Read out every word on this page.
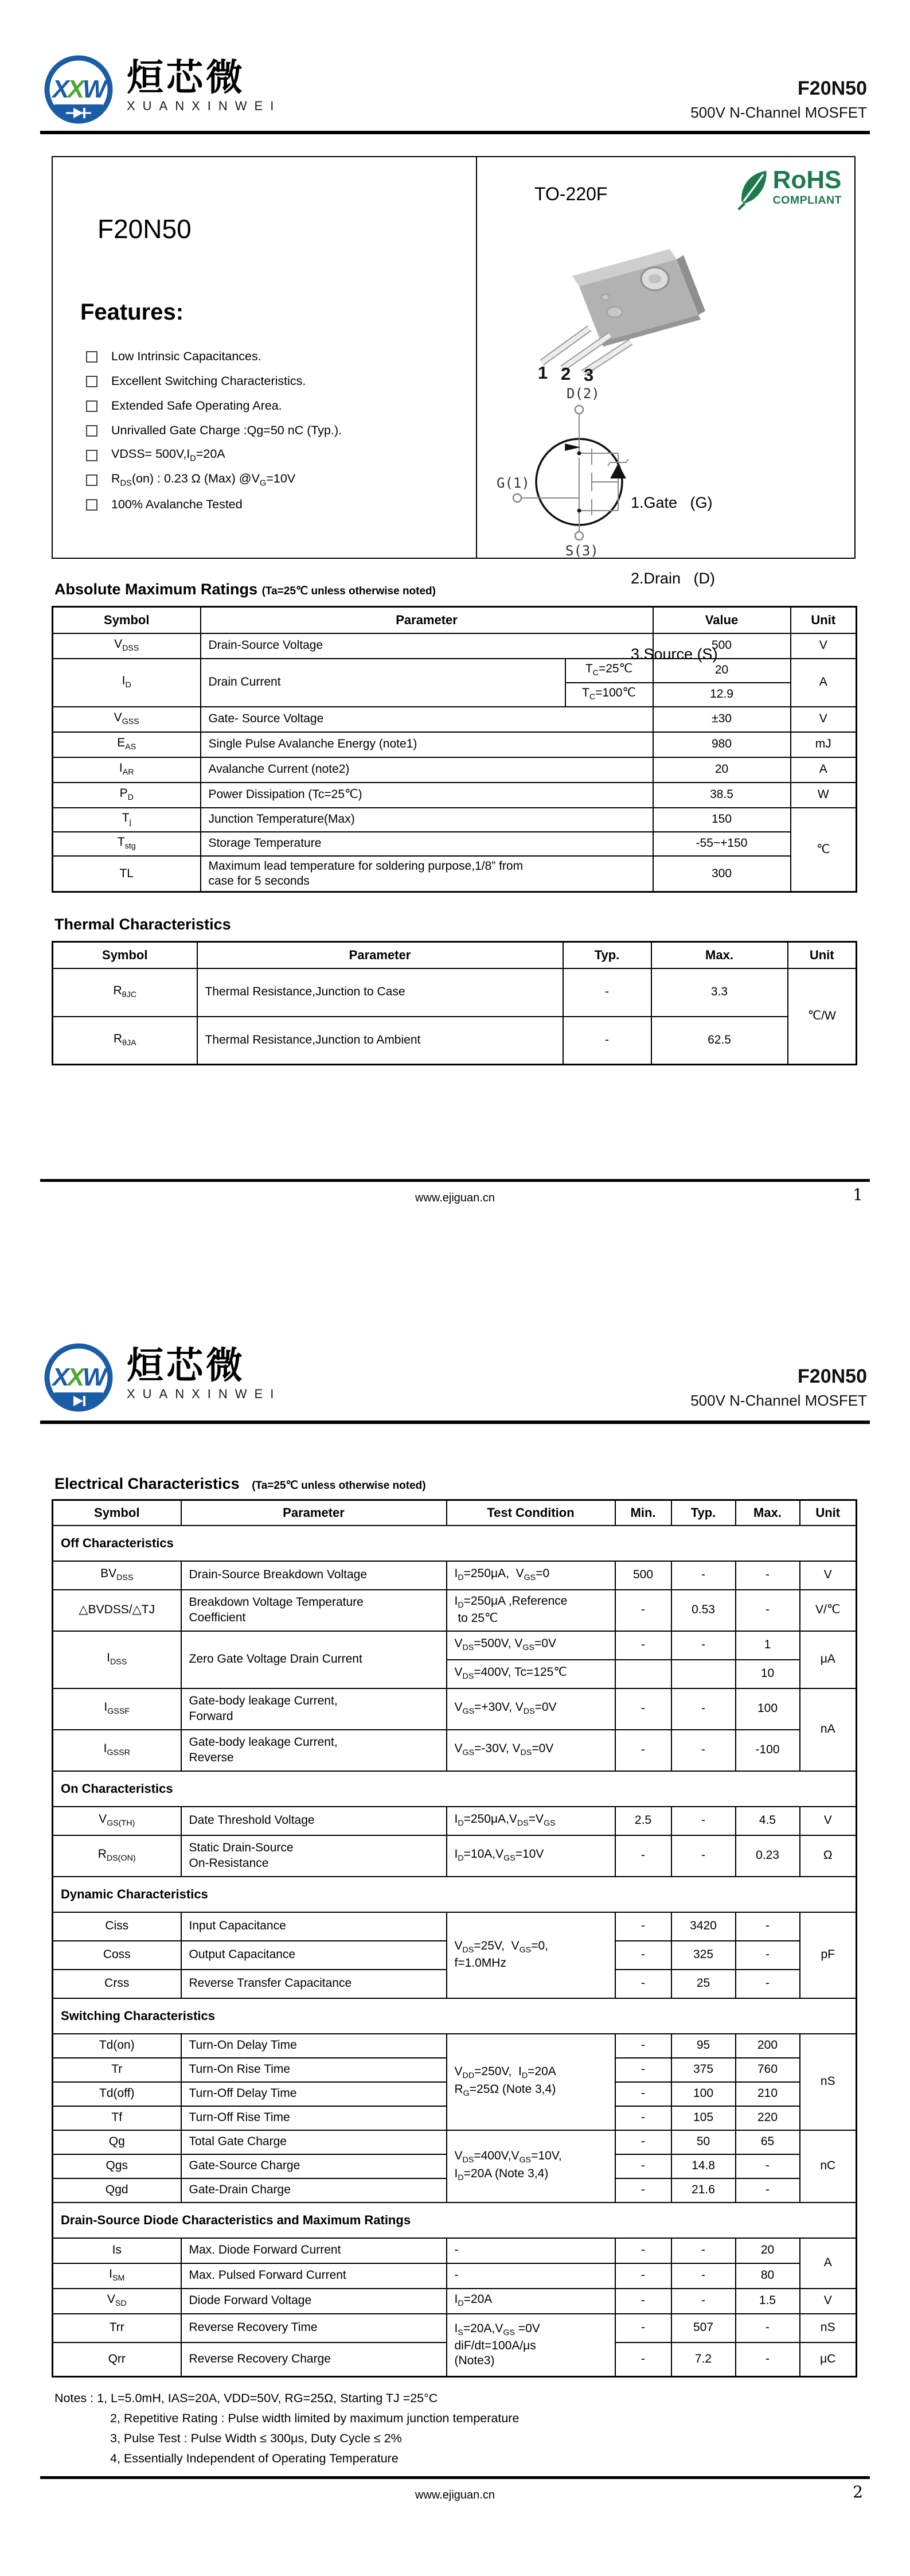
XXW 烜芯微
XUANXINWEI
F20N50
500V N-Channel MOSFET
F20N50
Features:
Low Intrinsic Capacitances.
Excellent Switching Characteristics.
Extended Safe Operating Area.
Unrivalled Gate Charge :Qg=50 nC (Typ.).
VDSS= $500V,I_D=20A$
$R_{DS}(on)$ : 0.23 Ω (Max) $@V_G=10V$
100% Avalanche Tested
TO-220F	RoHS
COMPLIANT
1 2 3
D(2)
G(1)
S(3)

1.Gate   (G)

2.Drain   (D)

3.Source (S)

Absolute Maximum Ratings (Ta=25℃ unless otherwise noted)
Symbol	Parameter		Value	Unit
$V_{DSS}$	Drain-Source Voltage		500	V
$I_D$	Drain Current	$T_C=25℃$	20	A
		$T_C=100℃$	12.9	
$V_{GSS}$	Gate- Source Voltage		±30	V
$E_{AS}$	Single Pulse Avalanche Energy (note1)		980	mJ
$I_{AR}$	Avalanche Current (note2)		20	A
$P_D$	Power Dissipation (Tc=25℃)		38.5	W
$T_j$	Junction Temperature(Max)		150	℃
$T_{stg}$	Storage Temperature		-55~+150	
TL	Maximum lead temperature for soldering purpose,1/8” from
case for 5 seconds		300	
Thermal Characteristics
Symbol	Parameter	Typ.	Max.	Unit
$R_{\theta JC}$	Thermal Resistance,Junction to Case	-	3.3	℃/W
$R_{\theta JA}$	Thermal Resistance,Junction to Ambient	-	62.5	
www.ejiguan.cn	1
XXW 烜芯微
XUANXINWEI
F20N50
500V N-Channel MOSFET
Electrical Characteristics (Ta=25℃ unless otherwise noted)
Symbol	Parameter	Test Condition	Min.	Typ.	Max.	Unit
Off Characteristics						
$BV_{DSS}$	Drain-Source Breakdown Voltage	$I_D=250\mu A$,  $V_{GS}=0$	500	-	-	V
△BVDSS/△TJ	Breakdown Voltage Temperature
Coefficient	$I_D=250\mu A$ ,Reference
to 25℃	-	0.53	-	V/℃
$I_{DSS}$	Zero Gate Voltage Drain Current	$V_{DS}=500V$, $V_{GS}=0V$	-	-	1	μA
		$V_{DS}=400V$, Tc=125℃			10	
$I_{GSSF}$	Gate-body leakage Current,
Forward	$V_{GS}=+30V$, $V_{DS}=0V$	-	-	100	nA
$I_{GSSR}$	Gate-body leakage Current,
Reverse	$V_{GS}=-30V$, $V_{DS}=0V$	-	-	-100	
On Characteristics						
$V_{GS(TH)}$	Date Threshold Voltage	$I_D=250\mu A,V_{DS}=V_{GS}$	2.5	-	4.5	V
$R_{DS(ON)}$	Static Drain-Source
On-Resistance	$I_D=10A,V_{GS}=10V$	-	-	0.23	Ω
Dynamic Characteristics						
Ciss	Input Capacitance	$V_{DS}=25V$,  $V_{GS}=0$,
f=1.0MHz	-	3420	-	pF
Coss	Output Capacitance		-	325	-	
Crss	Reverse Transfer Capacitance		-	25	-	
Switching Characteristics						
Td(on)	Turn-On Delay Time	$V_{DD}=250V$,  $I_D=20A$
$R_G=25\Omega$ (Note 3,4)	-	95	200	nS
Tr	Turn-On Rise Time		-	375	760	
Td(off)	Turn-Off Delay Time		-	100	210	
Tf	Turn-Off Rise Time		-	105	220	
Qg	Total Gate Charge	$V_{DS}=400V,V_{GS}=10V$,
$I_D=20A$ (Note 3,4)	-	50	65	nC
Qgs	Gate-Source Charge		-	14.8	-	
Qgd	Gate-Drain Charge		-	21.6	-	
Drain-Source Diode Characteristics and Maximum Ratings						
Is	Max. Diode Forward Current	-	-	-	20	A
$I_{SM}$	Max. Pulsed Forward Current	-	-	-	80	
$V_{SD}$	Diode Forward Voltage	$I_D=20A$	-	-	1.5	V
Trr	Reverse Recovery Time	$I_S=20A,V_{GS} =0V$
diF/dt=100A/μs
(Note3)	-	507	-	nS
Qrr	Reverse Recovery Charge		-	7.2	-	μC
Notes : 1, L=5.0mH, IAS=20A, VDD=50V, RG=25Ω, Starting TJ =25°C
2, Repetitive Rating : Pulse width limited by maximum junction temperature
3, Pulse Test : Pulse Width ≤ 300μs, Duty Cycle ≤ 2%
4, Essentially Independent of Operating Temperature
www.ejiguan.cn	2
